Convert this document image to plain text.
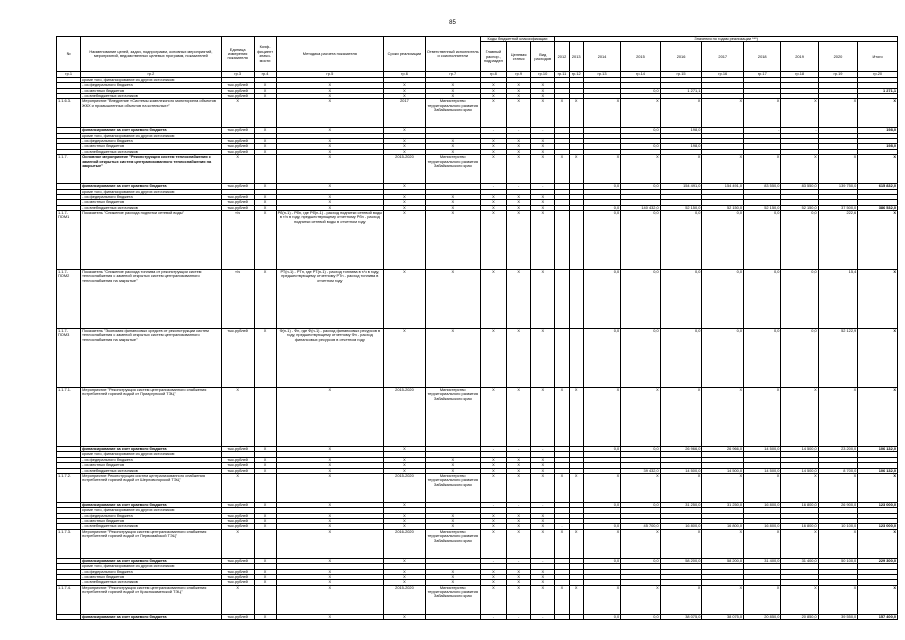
85
№	Наименование целей, задач, подпрограмм, основных мероприятий, мероприятий, ведомственных целевых программ, показателей	Единица измерения показателя	Коэф-фициент значи-мости	Методика расчета показателя	Сроки реализации	Ответственный исполнитель и соисполнители	Коды бюджетной классификации			Значения по годам реализации ***)									
							Главный распор., подраздел	Целевая статья	Вид расходов	2012	2013	2014	2015	2016	2017	2018	2019	2020	Итого
гр.1	гр.2	гр.3	гр.4	гр.5	гр.6	гр.7	гр.8	гр.9	гр.10	гр.11	гр.12	гр.13	гр.14	гр.15	гр.16	гр.17	гр.18	гр.19	гр.20
	кроме того, финансирование из других источников:																		
	- из федерального бюджета	тыс.рублей	Х	Х	Х	Х	Х	Х	Х										
	- из местных бюджетов	тыс.рублей	Х	Х	Х	Х	Х	Х	Х				0,0	1 271,1					1 271,1
	- из внебюджетных источников	тыс.рублей	Х	Х	Х	Х	Х	Х	Х										
1.1.6.3.	Мероприятие "Внедрение «Системы комплексного мониторинга объектов ЖКХ и промышленных объектов на котельных»"	Х		Х	2017	Министерство территориального развития Забайкальского края	Х	Х	Х	Х	Х	Х	Х	Х	Х	Х	Х	Х	Х
	финансирование за счет краевого бюджета	тыс.рублей	Х	Х	Х		-	-	-				0,0	198,0		-	-		198,0
	кроме того, финансирование из других источников:																		
	- из федерального бюджета	тыс.рублей	Х	Х	Х	Х	Х	Х	Х										
	- из местных бюджетов	тыс.рублей	Х	Х	Х	Х	Х	Х	Х				0,0	198,0					198,0
	- из внебюджетных источников	тыс.рублей	Х	Х	Х	Х	Х	Х	Х										
1.1.7.	Основное мероприятие "Реконструкция систем теплоснабжения с заменой открытых систем централизованного теплоснабжения на закрытые"	Х		Х	2015-2020	Министерство территориального развития Забайкальского края	Х	Х	Х	Х	Х	Х	Х	Х	Х	Х	Х	Х	Х
	финансирование за счет краевого бюджета	тыс.рублей	Х	Х	Х		-	-	-			0,0	0,0	154 491,0	154 491,0	83 550,0	83 550,0	139 750,0	615 832,0
	кроме того, финансирование из других источников:																		
	- из федерального бюджета	тыс.рублей	Х	Х	Х	Х	Х	Х	Х										
	- из местных бюджетов	тыс.рублей	Х	Х	Х	Х	Х	Х	Х										
	- из внебюджетных источников	тыс.рублей	Х	Х	Х	Х	Х	Х	Х			0,0	140 432,0	52 150,0	52 150,0	52 150,0	52 150,0	37 500,0	386 532,0
1.1.7-ПОМ1	Показатель "Снижение расхода подпитки сетевой воды"	т/ч	Х	Рб(n-1) - Рбn, где Рб(n-1) - расход подпитки сетевой воды в т/ч в году, предшествующему отчетному Рбn - расход подпитки сетевой воды в отчетном году	Х	Х	Х	Х	Х			0,0	0,0	0,0	0,0	0,0	0,0	222,6	Х
1.1.7-ПОМ2	Показатель "Снижение расхода топлива от реконструкции систем теплоснабжения с заменой открытых систем централизованного теплоснабжения на закрытые"	т/ч	Х	РТ(n-1) - РТn, где РТ(n-1) - расход топлива в т/ч в году, предшествующему отчетному РТn - расход топлива в отчетном году	Х	Х	Х	Х	Х			0,0	0,0	0,0	0,0	0,0	0,0	15,4	Х
1.1.7-ПОМ3	Показатель "Экономия финансовых средств от реконструкции систем теплоснабжения с заменой открытых систем централизованного теплоснабжения на закрытые"	тыс.рублей	Х	Ф(n-1) - Фn, где Ф(n-1) - расход финансовых ресурсов в году, предшествующему отчетному Фn - расход финансовых ресурсов в отчетном году	Х	Х	Х	Х	Х			0,0	0,0	0,0	0,0	0,0	0,0	52 122,9	Х
1.1.7.1.	Мероприятие "Реконструкция систем централизованного снабжения потребителей горячей водой от Приаргунской ТЭЦ"	Х		Х	2015-2020	Министерство территориального развития Забайкальского края	Х	Х	Х	Х	Х	Х	Х	Х	Х	Х	Х	Х	Х
	финансирование за счет краевого бюджета	тыс.рублей	Х	Х	Х		-	-	-			0,0	0,0	26 966,0	26 966,0	14 500,0	14 500,0	23 200,0	106 132,0
	кроме того, финансирование из других источников:																		
	- из федерального бюджета	тыс.рублей	Х	Х	Х	Х	Х	Х	Х										
	- из местных бюджетов	тыс.рублей	Х	Х	Х	Х	Х	Х	Х										
	- из внебюджетных источников	тыс.рублей	Х	Х	Х	Х	Х	Х	Х				39 432,0	14 500,0	14 500,0	14 500,0	14 500,0	8 700,0	106 132,0
1.1.7.2.	Мероприятие Реконструкция систем централизованного снабжения потребителей горячей водой от Шерловогорской ТЭЦ"	Х		Х	2015-2020	Министерство территориального развития Забайкальского края	Х	Х	Х	Х	Х	Х	Х	Х	Х	Х	Х	Х	Х
	финансирование за счет краевого бюджета	тыс.рублей	Х	Х	Х		-	-	-			0,0	0,0	31 250,0	31 250,0	16 800,0	16 800,0	26 900,0	123 000,0
	кроме того, финансирование из других источников:																		
	- из федерального бюджета	тыс.рублей	Х	Х	Х	Х	Х	Х	Х										
	- из местных бюджетов	тыс.рублей	Х	Х	Х	Х	Х	Х	Х										
	- из внебюджетных источников	тыс.рублей	Х	Х	Х	Х	Х	Х	Х	-		0,0	45 700,0	16 800,0	16 800,0	16 800,0	16 800,0	10 100,0	123 000,0
1.1.7.3.	Мероприятие "Реконструкция систем централизованного снабжения потребителей горячей водой от Первомайской ТЭЦ"	Х		Х	2016-2020	Министерство территориального развития Забайкальского края	Х	Х	Х	Х	Х	Х	Х	Х	Х	Х	Х	Х	Х
	финансирование за счет краевого бюджета	тыс.рублей	Х	Х	Х		-	-	-			0,0	0,0	58 200,0	58 200,0	31 400,0	31 400,0	50 100,0	229 300,0
	кроме того, финансирование из других источников:																		
	- из федерального бюджета	тыс.рублей	Х	Х	Х	Х	Х	Х	Х										
	- из местных бюджетов	тыс.рублей	Х	Х	Х	Х	Х	Х	Х										
	- из внебюджетных источников	тыс.рублей	Х	Х	Х	Х	Х	Х	Х										
1.1.7.4.	Мероприятие "Реконструкция систем централизованного снабжения потребителей горячей водой от Краснокаменской ТЭЦ"	Х		Х	2015-2020	Министерство территориального развития Забайкальского края	Х	Х	Х	Х	Х	Х	Х	Х	Х	Х	Х	Х	Х
	финансирование за счет краевого бюджета	тыс.рублей	Х	Х	Х		-	-	-			0,0	0,0	38 075,0	38 075,0	20 850,0	20 850,0	39 550,0	157 400,0
